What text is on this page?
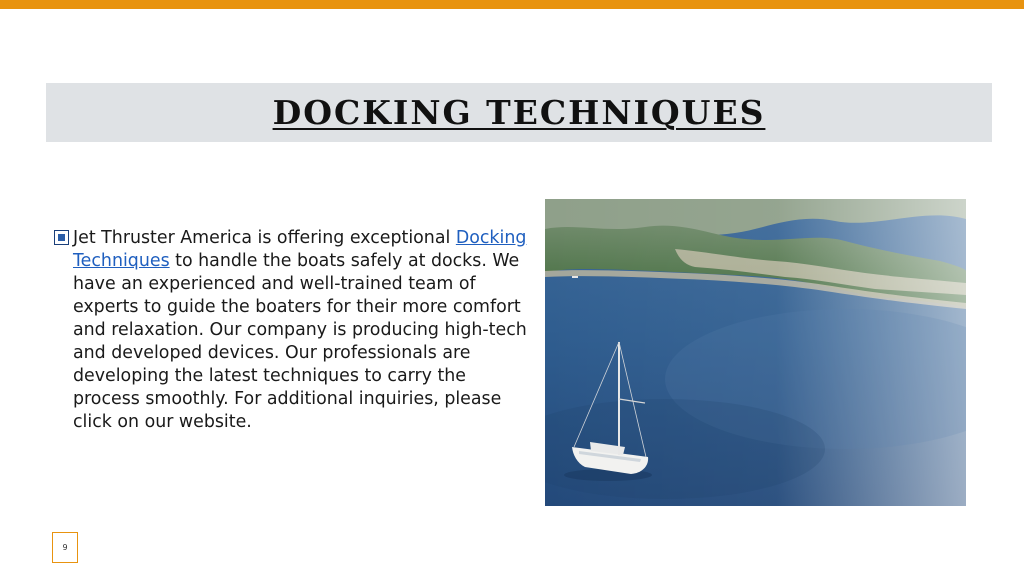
DOCKING TECHNIQUES
Jet Thruster America is offering exceptional Docking Techniques to handle the boats safely at docks. We have an experienced and well-trained team of experts to guide the boaters for their more comfort and relaxation. Our company is producing high-tech and developed devices. Our professionals are developing the latest techniques to carry the process smoothly. For additional inquiries, please click on our website.
9
